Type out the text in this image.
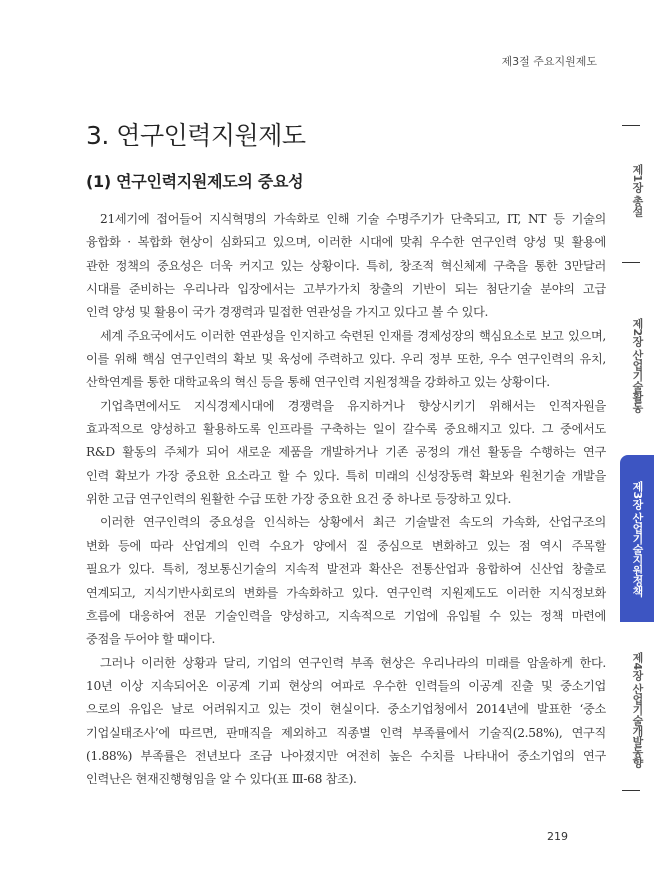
제3절 주요지원제도
3. 연구인력지원제도
(1) 연구인력지원제도의 중요성
21세기에 접어들어 지식혁명의 가속화로 인해 기술 수명주기가 단축되고, IT, NT 등 기술의
융합화 · 복합화 현상이 심화되고 있으며, 이러한 시대에 맞춰 우수한 연구인력 양성 및 활용에
관한 정책의 중요성은 더욱 커지고 있는 상황이다. 특히, 창조적 혁신체제 구축을 통한 3만달러
시대를 준비하는 우리나라 입장에서는 고부가가치 창출의 기반이 되는 첨단기술 분야의 고급
인력 양성 및 활용이 국가 경쟁력과 밀접한 연관성을 가지고 있다고 볼 수 있다.
세계 주요국에서도 이러한 연관성을 인지하고 숙련된 인재를 경제성장의 핵심요소로 보고 있으며,
이를 위해 핵심 연구인력의 확보 및 육성에 주력하고 있다. 우리 정부 또한, 우수 연구인력의 유치,
산학연계를 통한 대학교육의 혁신 등을 통해 연구인력 지원정책을 강화하고 있는 상황이다.
기업측면에서도 지식경제시대에 경쟁력을 유지하거나 향상시키기 위해서는 인적자원을
효과적으로 양성하고 활용하도록 인프라를 구축하는 일이 갈수록 중요해지고 있다. 그 중에서도
R&D 활동의 주체가 되어 새로운 제품을 개발하거나 기존 공정의 개선 활동을 수행하는 연구
인력 확보가 가장 중요한 요소라고 할 수 있다. 특히 미래의 신성장동력 확보와 원천기술 개발을
위한 고급 연구인력의 원활한 수급 또한 가장 중요한 요건 중 하나로 등장하고 있다.
이러한 연구인력의 중요성을 인식하는 상황에서 최근 기술발전 속도의 가속화, 산업구조의
변화 등에 따라 산업계의 인력 수요가 양에서 질 중심으로 변화하고 있는 점 역시 주목할
필요가 있다. 특히, 정보통신기술의 지속적 발전과 확산은 전통산업과 융합하여 신산업 창출로
연계되고, 지식기반사회로의 변화를 가속화하고 있다. 연구인력 지원제도도 이러한 지식정보화
흐름에 대응하여 전문 기술인력을 양성하고, 지속적으로 기업에 유입될 수 있는 정책 마련에
중점을 두어야 할 때이다.
그러나 이러한 상황과 달리, 기업의 연구인력 부족 현상은 우리나라의 미래를 암울하게 한다.
10년 이상 지속되어온 이공계 기피 현상의 여파로 우수한 인력들의 이공계 진출 및 중소기업
으로의 유입은 날로 어려워지고 있는 것이 현실이다. 중소기업청에서 2014년에 발표한 ‘중소
기업실태조사’에 따르면, 판매직을 제외하고 직종별 인력 부족률에서 기술직(2.58%), 연구직
(1.88%) 부족률은 전년보다 조금 나아졌지만 여전히 높은 수치를 나타내어 중소기업의 연구
인력난은 현재진행형임을 알 수 있다(표 Ⅲ-68 참조).
제1장 총설
제2장 산업기술활동
제3장 산업기술지원정책
제4장 산업기술개발동향
219
